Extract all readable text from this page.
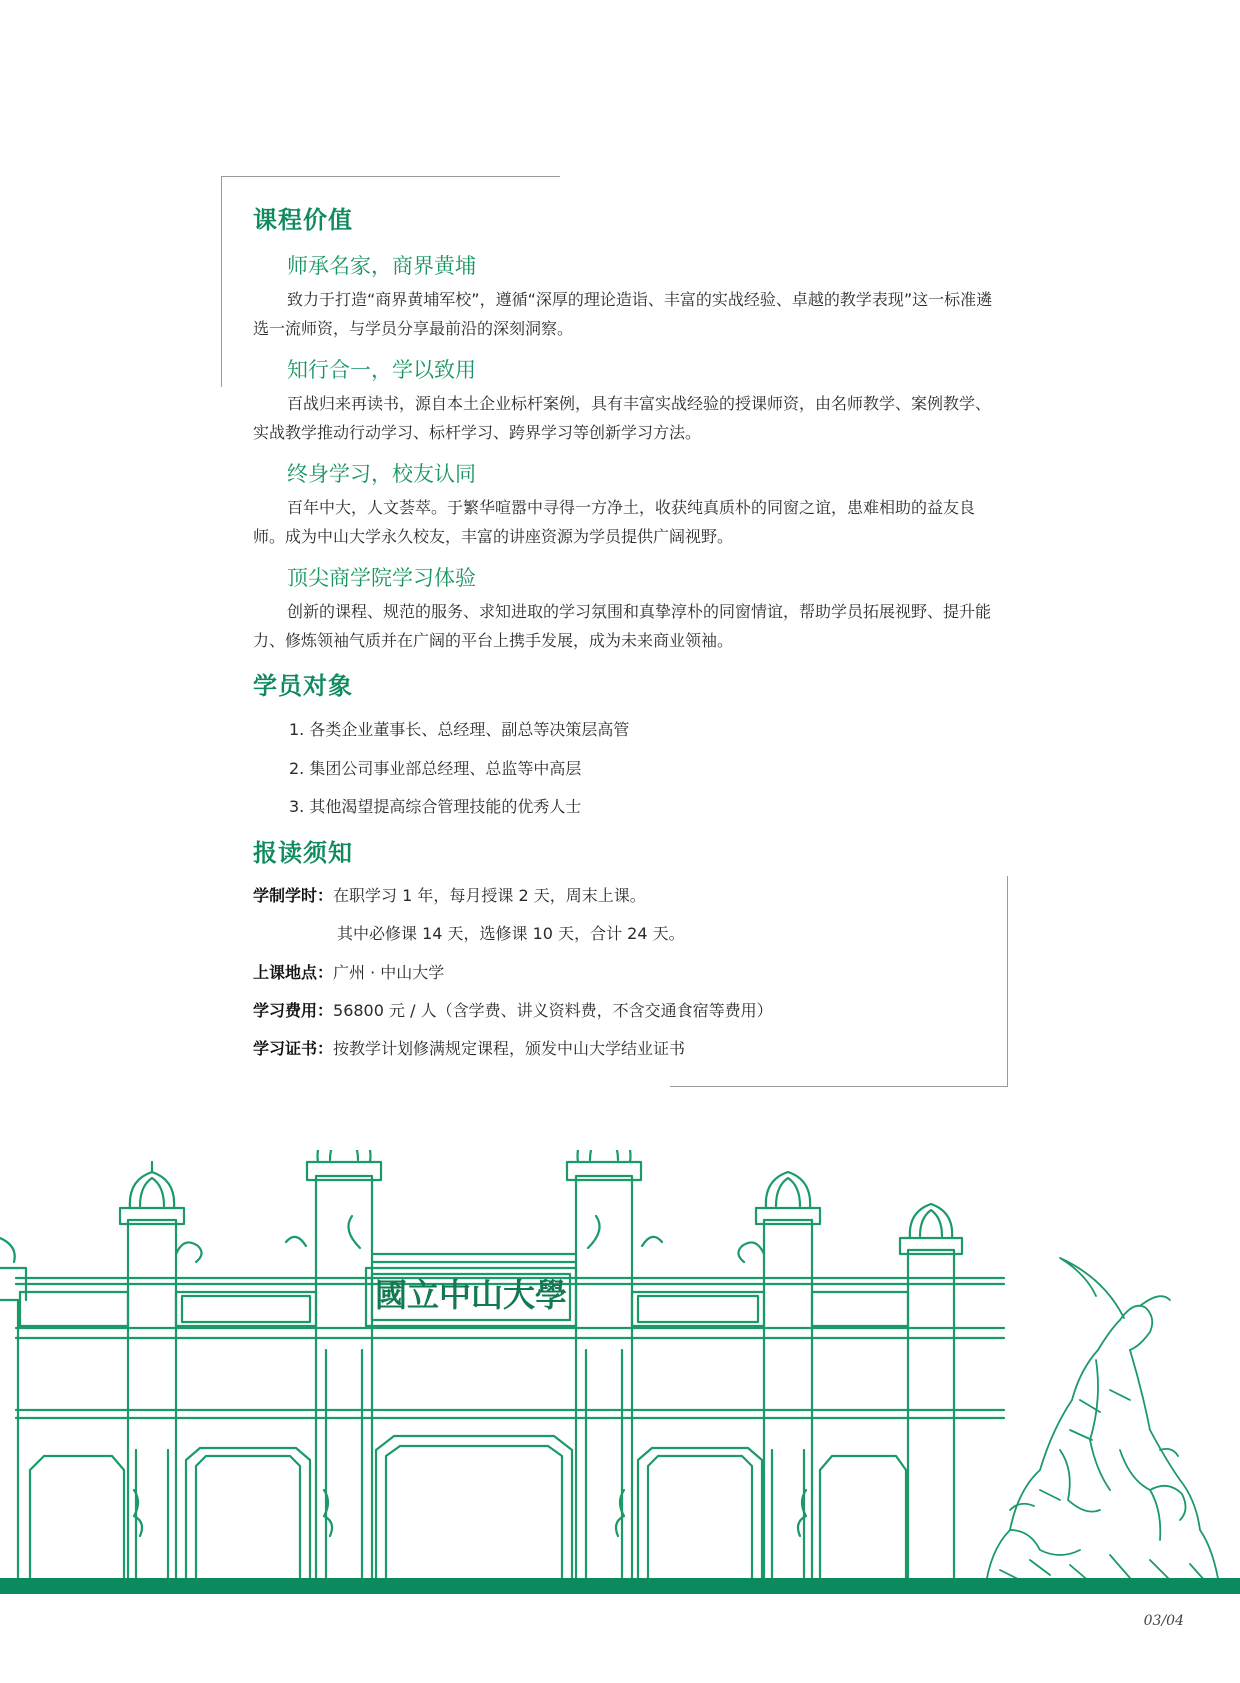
课程价值
师承名家，商界黄埔

致力于打造“商界黄埔军校”，遵循“深厚的理论造诣、丰富的实战经验、卓越的教学表现”这一标准遴选一流师资，与学员分享最前沿的深刻洞察。

知行合一，学以致用

百战归来再读书，源自本土企业标杆案例，具有丰富实战经验的授课师资，由名师教学、案例教学、实战教学推动行动学习、标杆学习、跨界学习等创新学习方法。

终身学习，校友认同

百年中大，人文荟萃。于繁华喧嚣中寻得一方净土，收获纯真质朴的同窗之谊，患难相助的益友良师。成为中山大学永久校友，丰富的讲座资源为学员提供广阔视野。

顶尖商学院学习体验

创新的课程、规范的服务、求知进取的学习氛围和真挚淳朴的同窗情谊，帮助学员拓展视野、提升能力、修炼领袖气质并在广阔的平台上携手发展，成为未来商业领袖。

学员对象

1. 各类企业董事长、总经理、副总等决策层高管

2. 集团公司事业部总经理、总监等中高层

3. 其他渴望提高综合管理技能的优秀人士

报读须知

学制学时：在职学习 1 年，每月授课 2 天，周末上课。

其中必修课 14 天，选修课 10 天，合计 24 天。

上课地点：广州 · 中山大学

学习费用：56800 元 / 人（含学费、讲义资料费，不含交通食宿等费用）

学习证书：按教学计划修满规定课程，颁发中山大学结业证书

國立中山大學
03/04
